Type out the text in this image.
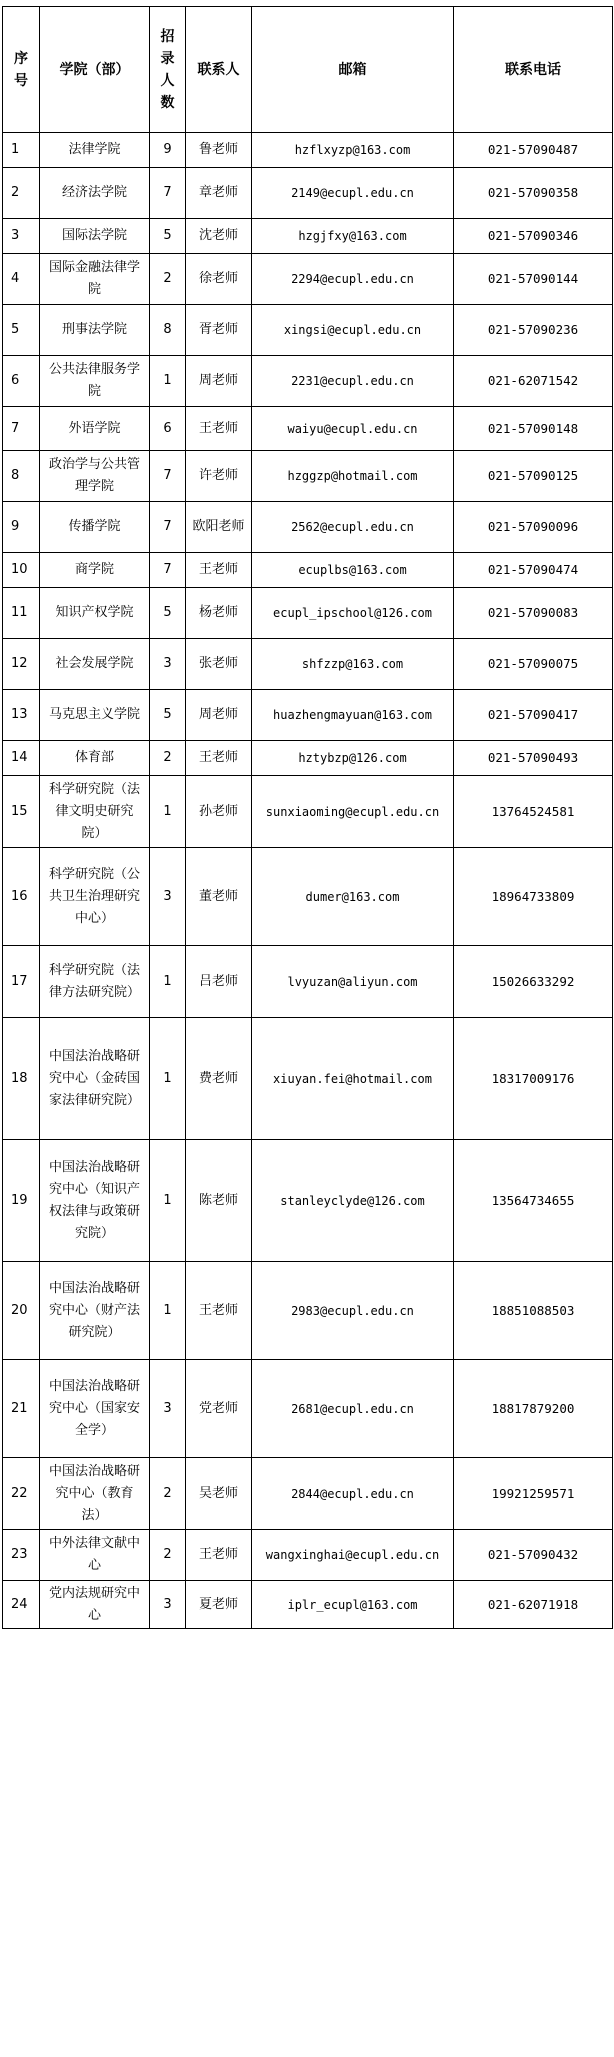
序号	学院（部）	招录人数	联系人	邮箱	联系电话
1	法律学院	9	鲁老师	hzflxyzp@163.com	021-57090487
2	经济法学院	7	章老师	2149@ecupl.edu.cn	021-57090358
3	国际法学院	5	沈老师	hzgjfxy@163.com	021-57090346
4	国际金融法律学院	2	徐老师	2294@ecupl.edu.cn	021-57090144
5	刑事法学院	8	胥老师	xingsi@ecupl.edu.cn	021-57090236
6	公共法律服务学院	1	周老师	2231@ecupl.edu.cn	021-62071542
7	外语学院	6	王老师	waiyu@ecupl.edu.cn	021-57090148
8	政治学与公共管理学院	7	许老师	hzggzp@hotmail.com	021-57090125
9	传播学院	7	欧阳老师	2562@ecupl.edu.cn	021-57090096
10	商学院	7	王老师	ecuplbs@163.com	021-57090474
11	知识产权学院	5	杨老师	ecupl_ipschool@126.com	021-57090083
12	社会发展学院	3	张老师	shfzzp@163.com	021-57090075
13	马克思主义学院	5	周老师	huazhengmayuan@163.com	021-57090417
14	体育部	2	王老师	hztybzp@126.com	021-57090493
15	科学研究院（法律文明史研究院）	1	孙老师	sunxiaoming@ecupl.edu.cn	13764524581
16	科学研究院（公共卫生治理研究中心）	3	董老师	dumer@163.com	18964733809
17	科学研究院（法律方法研究院）	1	吕老师	lvyuzan@aliyun.com	15026633292
18	中国法治战略研究中心（金砖国家法律研究院）	1	费老师	xiuyan.fei@hotmail.com	18317009176
19	中国法治战略研究中心（知识产权法律与政策研究院）	1	陈老师	stanleyclyde@126.com	13564734655
20	中国法治战略研究中心（财产法研究院）	1	王老师	2983@ecupl.edu.cn	18851088503
21	中国法治战略研究中心（国家安全学）	3	党老师	2681@ecupl.edu.cn	18817879200
22	中国法治战略研究中心（教育法）	2	吴老师	2844@ecupl.edu.cn	19921259571
23	中外法律文献中心	2	王老师	wangxinghai@ecupl.edu.cn	021-57090432
24	党内法规研究中心	3	夏老师	iplr_ecupl@163.com	021-62071918
